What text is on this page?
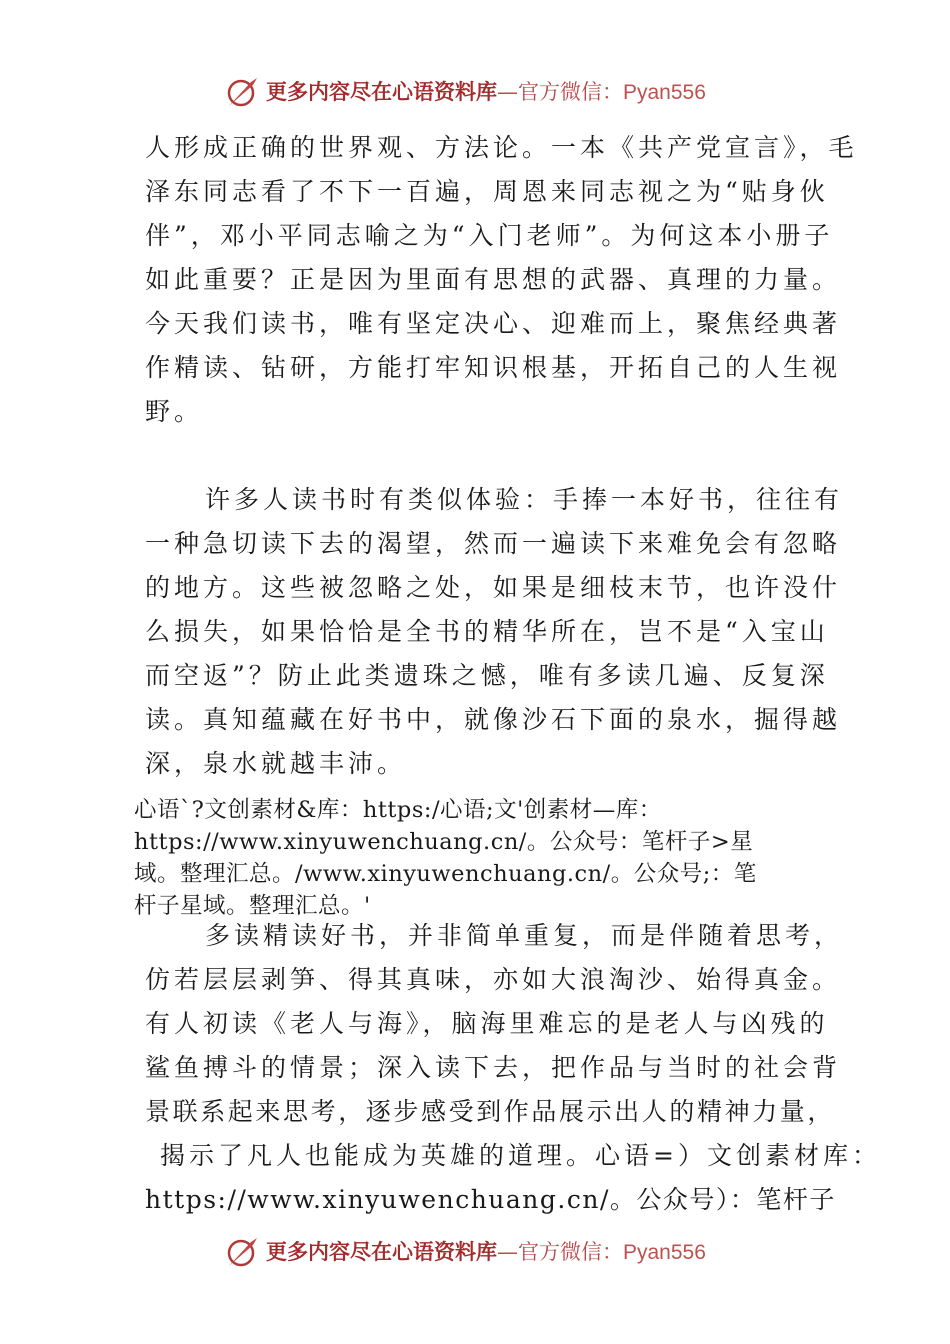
更多内容尽在心语资料库—官方微信：Pyan556
人形成正确的世界观、方法论。一本《共产党宣言》，毛
泽东同志看了不下一百遍，周恩来同志视之为“贴身伙
伴”，邓小平同志喻之为“入门老师”。为何这本小册子
如此重要？正是因为里面有思想的武器、真理的力量。
今天我们读书，唯有坚定决心、迎难而上，聚焦经典著
作精读、钻研，方能打牢知识根基，开拓自己的人生视
野。
许多人读书时有类似体验：手捧一本好书，往往有
一种急切读下去的渴望，然而一遍读下来难免会有忽略
的地方。这些被忽略之处，如果是细枝末节，也许没什
么损失，如果恰恰是全书的精华所在，岂不是“入宝山
而空返”？防止此类遗珠之憾，唯有多读几遍、反复深
读。真知蕴藏在好书中，就像沙石下面的泉水，掘得越
深，泉水就越丰沛。
心语`?文创素材&库：https:/心语;文'创素材—库：
https://www.xinyuwenchuang.cn/。公众号：笔杆子>星
域。整理汇总。/www.xinyuwenchuang.cn/。公众号;：笔
杆子星域。整理汇总。'
多读精读好书，并非简单重复，而是伴随着思考，
仿若层层剥笋、得其真味，亦如大浪淘沙、始得真金。
有人初读《老人与海》，脑海里难忘的是老人与凶残的
鲨鱼搏斗的情景；深入读下去，把作品与当时的社会背
景联系起来思考，逐步感受到作品展示出人的精神力量，
揭示了凡人也能成为英雄的道理。心语=）文创素材库：
https://www.xinyuwenchuang.cn/。公众号）：笔杆子
更多内容尽在心语资料库—官方微信：Pyan556
